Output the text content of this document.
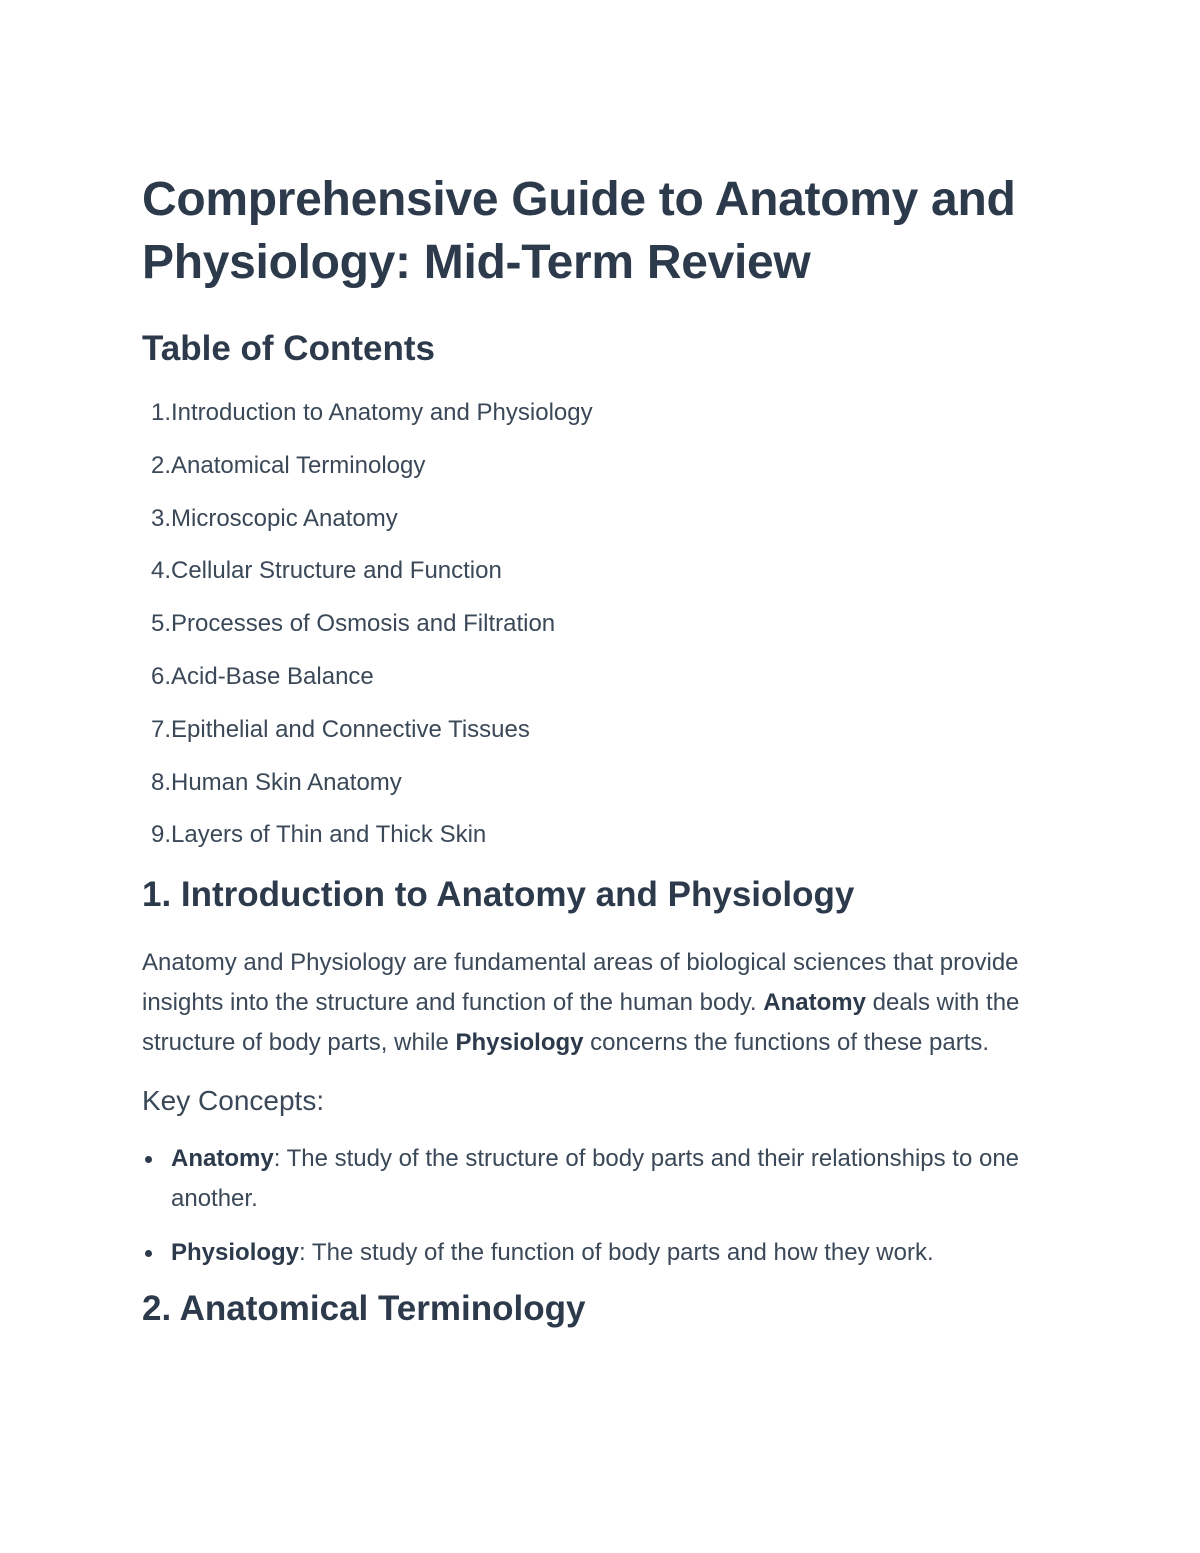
Comprehensive Guide to Anatomy and Physiology: Mid-Term Review
Table of Contents
1. Introduction to Anatomy and Physiology
2. Anatomical Terminology
3. Microscopic Anatomy
4. Cellular Structure and Function
5. Processes of Osmosis and Filtration
6. Acid-Base Balance
7. Epithelial and Connective Tissues
8. Human Skin Anatomy
9. Layers of Thin and Thick Skin
1. Introduction to Anatomy and Physiology

Anatomy and Physiology are fundamental areas of biological sciences that provide insights into the structure and function of the human body. Anatomy deals with the structure of body parts, while Physiology concerns the functions of these parts.

Key Concepts:
Anatomy: The study of the structure of body parts and their relationships to one another.
Physiology: The study of the function of body parts and how they work.
2. Anatomical Terminology
